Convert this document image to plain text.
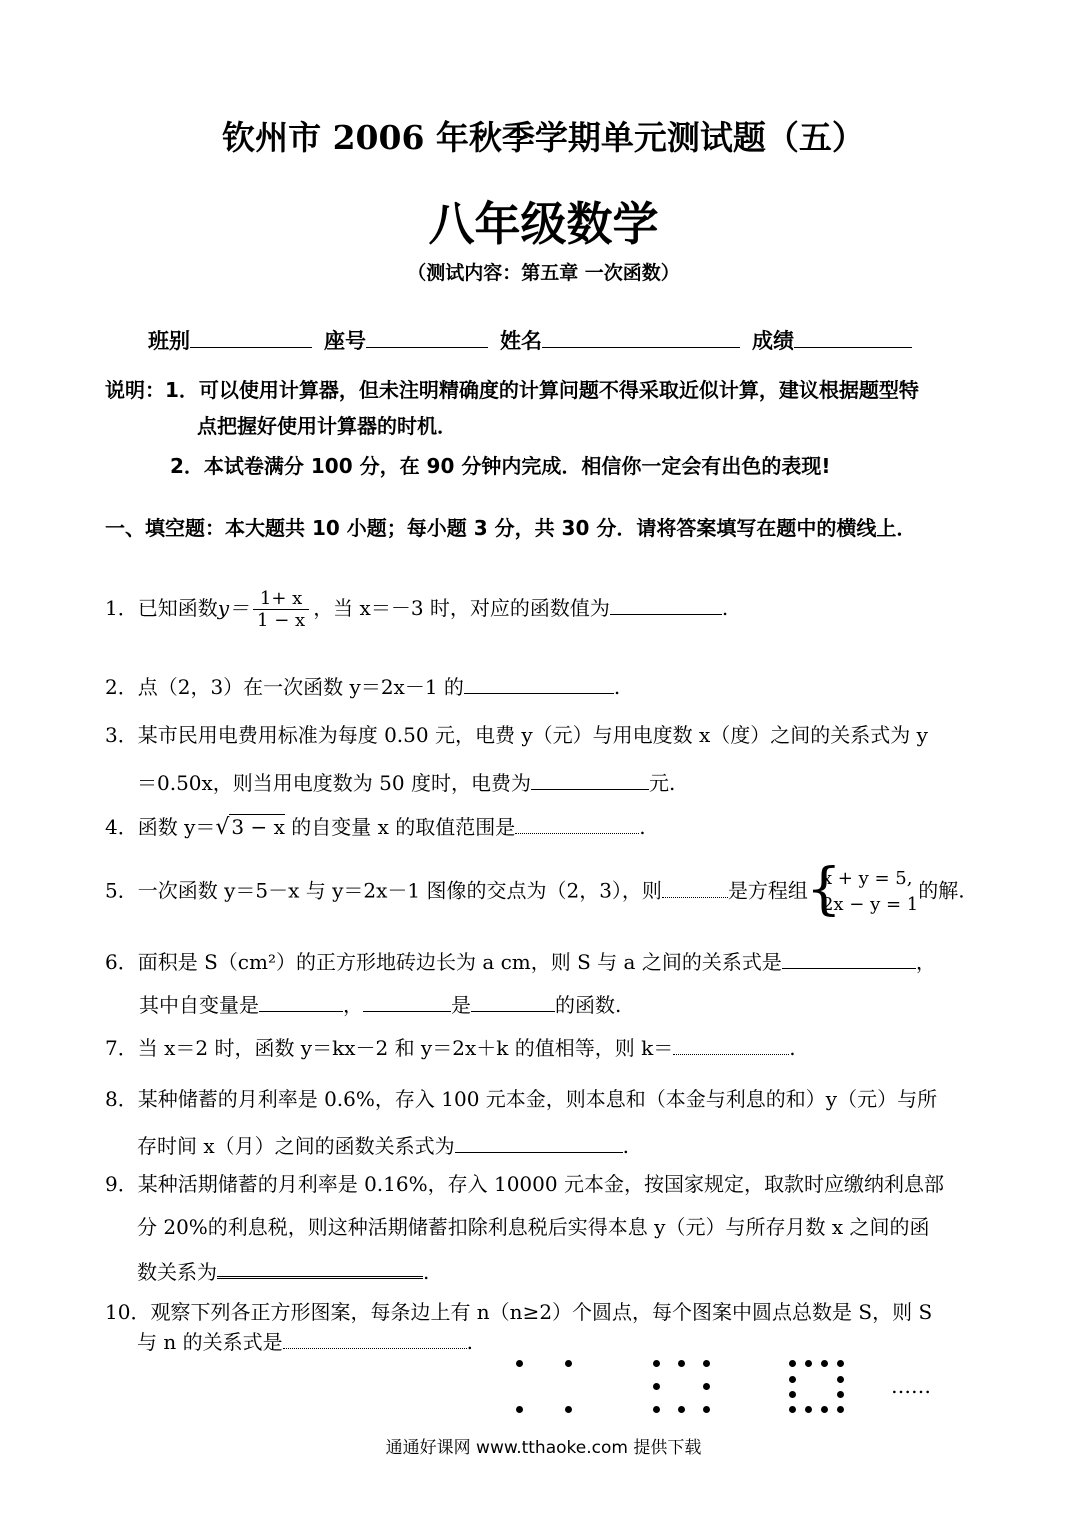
钦州市 2006 年秋季学期单元测试题（五）
八年级数学
（测试内容：第五章 一次函数）
班别	座号	姓名	成绩
说明：1．可以使用计算器，但未注明精确度的计算问题不得采取近似计算，建议根据题型特
点把握好使用计算器的时机．
2．本试卷满分 100 分，在 90 分钟内完成．相信你一定会有出色的表现!
一、填空题：本大题共 10 小题；每小题 3 分，共 30 分．请将答案填写在题中的横线上．
1．已知函数$y= \frac{1+ x}{1 - x}$ ，当 x＝－3 时，对应的函数值为	.
2．点（2，3）在一次函数 y＝2x－1 的	.
3．某市民用电费用标准为每度 0.50 元，电费 y（元）与用电度数 x（度）之间的关系式为 y
＝0.50x，则当用电度数为 50 度时，电费为	元.
4．函数 y＝√ 3 − x 的自变量 x 的取值范围是	.
5．一次函数 y＝5－x 与 y＝2x－1 图像的交点为（2，3），则	是方程组
{
x + y = 5,
2x − y = 1
的解.
6．面积是 S（cm²）的正方形地砖边长为 a cm，则 S 与 a 之间的关系式是	，
其中自变量是	，	是	的函数.
7．当 x＝2 时，函数 y＝kx－2 和 y＝2x＋k 的值相等，则 k＝	.
8．某种储蓄的月利率是 0.6%，存入 100 元本金，则本息和（本金与利息的和）y（元）与所
存时间 x（月）之间的函数关系式为	.
9．某种活期储蓄的月利率是 0.16%，存入 10000 元本金，按国家规定，取款时应缴纳利息部
分 20%的利息税，则这种活期储蓄扣除利息税后实得本息 y（元）与所存月数 x 之间的函
数关系为	.
10．观察下列各正方形图案，每条边上有 n（n≥2）个圆点，每个图案中圆点总数是 S，则 S
与 n 的关系式是	.
……
通通好课网 www.tthaoke.com 提供下载
